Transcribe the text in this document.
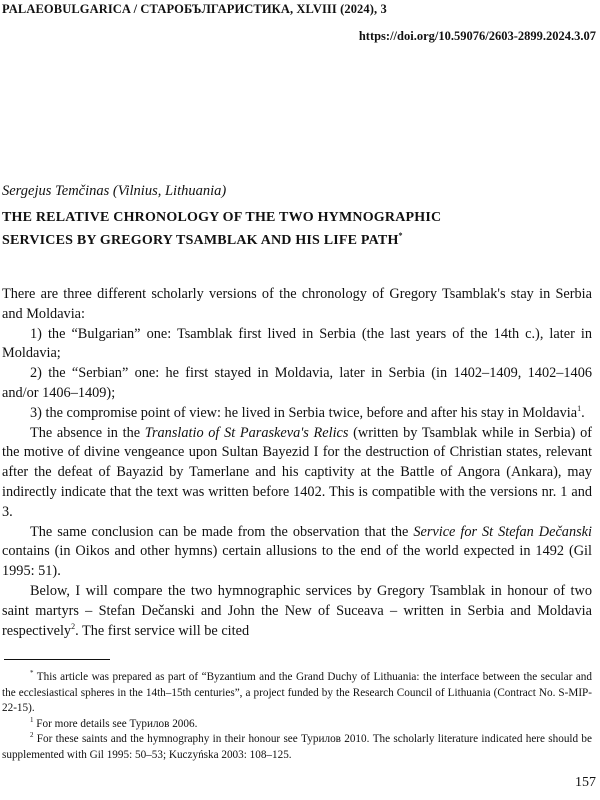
PALAEOBULGARICA / СТАРОБЪЛГАРИСТИКА, XLVIII (2024), 3
https://doi.org/10.59076/2603-2899.2024.3.07
Sergejus Temčinas (Vilnius, Lithuania)
THE RELATIVE CHRONOLOGY OF THE TWO HYMNOGRAPHIC
SERVICES BY GREGORY TSAMBLAK AND HIS LIFE PATH*

There are three different scholarly versions of the chronology of Gregory Tsamblak's stay in Serbia and Moldavia:

1) the “Bulgarian” one: Tsamblak first lived in Serbia (the last years of the 14th c.), later in Moldavia;

2) the “Serbian” one: he first stayed in Moldavia, later in Serbia (in 1402–1409, 1402–1406 and/or 1406–1409);

3) the compromise point of view: he lived in Serbia twice, before and after his stay in Moldavia$^1$.

The absence in the Translatio of St Paraskeva's Relics (written by Tsamblak while in Serbia) of the motive of divine vengeance upon Sultan Bayezid I for the destruction of Christian states, relevant after the defeat of Bayazid by Tamerlane and his captivity at the Battle of Angora (Ankara), may indirectly indicate that the text was written before 1402. This is compatible with the versions nr. 1 and 3.

The same conclusion can be made from the observation that the Service for St Stefan Dečanski contains (in Oikos and other hymns) certain allusions to the end of the world expected in 1492 (Gil 1995: 51).

Below, I will compare the two hymnographic services by Gregory Tsamblak in honour of two saint martyrs – Stefan Dečanski and John the New of Suceava – written in Serbia and Moldavia respectively$^2$. The first service will be cited

* This article was prepared as part of “Byzantium and the Grand Duchy of Lithuania: the interface between the secular and the ecclesiastical spheres in the 14th–15th centuries”, a project funded by the Research Council of Lithuania (Contract No. S-MIP-22-15).

$^1$ For more details see Турилов 2006.

$^2$ For these saints and the hymnography in their honour see Турилов 2010. The scholarly literature indicated here should be supplemented with Gil 1995: 50–53; Kuczyńska 2003: 108–125.

157
